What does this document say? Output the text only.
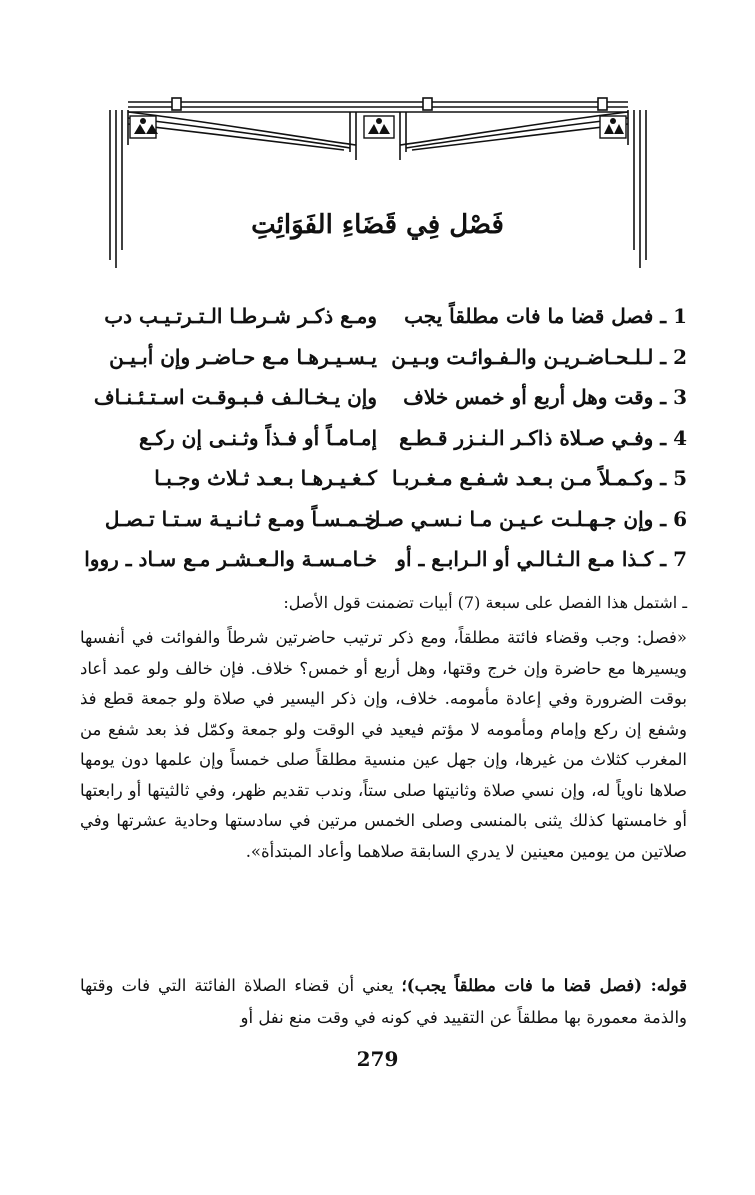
فَصْل فِي قَضَاءِ الفَوَائِتِ
1 ـ فصل قضا ما فات مطلقاً يجب
ومـع ذكـر شـرطـا الـتـرتـيـب دب
2 ـ لـلـحـاضـريـن والـفـوائـت وبـيـن
يـسـيـرهـا مـع حـاضـر وإن أبـيـن
3 ـ وقت وهل أربع أو خمس خلاف
وإن يـخـالـف فـبـوقـت اسـتـئـنـاف
4 ـ وفـي صـلاة ذاكـر الـنـزر قـطـع
إمـامـاً أو فـذاً وثـنـى إن ركـع
5 ـ وكـمـلاً مـن بـعـد شـفـع مـغـربـا
كـغـيـرهـا بـعـد ثـلاث وجـبـا
6 ـ وإن جـهـلـت عـيـن مـا نـسـي صـل
خـمـسـاً ومـع ثـانـيـة سـتـا تـصـل
7 ـ كـذا مـع الـثـالـي أو الـرابـع ـ أو
خـامـسـة والـعـشـر مـع سـاد ـ رووا
ـ اشتمل هذا الفصل على سبعة (7) أبيات تضمنت قول الأصل:

«فصل: وجب وقضاء فائتة مطلقاً، ومع ذكر ترتيب حاضرتين شرطاً والفوائت في أنفسها ويسيرها مع حاضرة وإن خرج وقتها، وهل أربع أو خمس؟ خلاف. فإن خالف ولو عمد أعاد بوقت الضرورة وفي إعادة مأمومه. خلاف، وإن ذكر اليسير في صلاة ولو جمعة قطع فذ وشفع إن ركع وإمام ومأمومه لا مؤتم فيعيد في الوقت ولو جمعة وكمّل فذ بعد شفع من المغرب كثلاث من غيرها، وإن جهل عين منسية مطلقاً صلى خمساً وإن علمها دون يومها صلاها ناوياً له، وإن نسي صلاة وثانيتها صلى ستاً، وندب تقديم ظهر، وفي ثالثيتها أو رابعتها أو خامستها كذلك يثنى بالمنسى وصلى الخمس مرتين في سادستها وحادية عشرتها وفي صلاتين من يومين معينين لا يدري السابقة صلاهما وأعاد المبتدأة».

قوله: (فصل قضا ما فات مطلقاً يجب)؛ يعني أن قضاء الصلاة الفائتة التي فات وقتها والذمة معمورة بها مطلقاً عن التقييد في كونه في وقت منع نفل أو

279
